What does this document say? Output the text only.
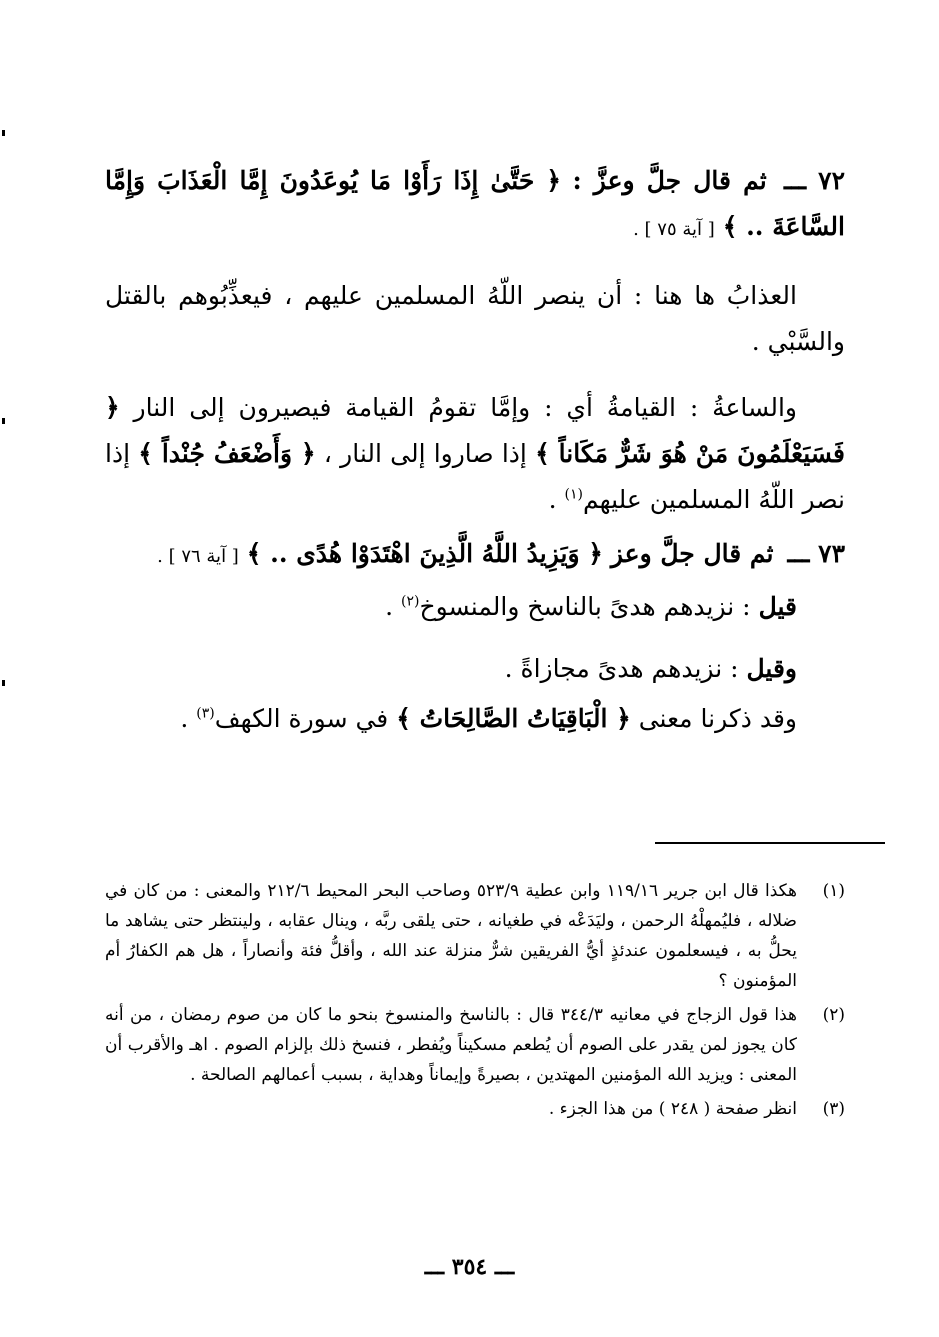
٧٢ ـــ ثم قال جلَّ وعزَّ : ﴿ حَتَّىٰ إِذَا رَأَوْا مَا يُوعَدُونَ إِمَّا الْعَذَابَ وَإِمَّا السَّاعَةَ .. ﴾ [ آية ٧٥ ] .

العذابُ ها هنا : أن ينصر اللّهُ المسلمين عليهم ، فيعذِّبُوهم بالقتل والسَّبْي .

والساعةُ : القيامةُ أي : وإمَّا تقومُ القيامة فيصيرون إلى النار ﴿ فَسَيَعْلَمُونَ مَنْ هُوَ شَرٌّ مَكَاناً ﴾ إذا صاروا إلى النار ، ﴿ وَأَضْعَفُ جُنْداً ﴾ إذا نصر اللّهُ المسلمين عليهم$^{(١)}$ .

٧٣ ـــ ثم قال جلَّ وعز ﴿ وَيَزِيدُ اللَّهُ الَّذِينَ اهْتَدَوْا هُدًى .. ﴾ [ آية ٧٦ ] .

قيل : نزيدهم هدىً بالناسخ والمنسوخ$^{(٢)}$ .

وقيل : نزيدهم هدىً مجازاةً .

وقد ذكرنا معنى ﴿ الْبَاقِيَاتُ الصَّالِحَاتُ ﴾ في سورة الكهف$^{(٣)}$ .

(١)
هكذا قال ابن جرير ١١٩/١٦ وابن عطية ٥٢٣/٩ وصاحب البحر المحيط ٢١٢/٦ والمعنى : من كان في ضلاله ، فليُمهلْهُ الرحمن ، وليَدَعْه في طغيانه ، حتى يلقى ربَّه ، وينال عقابه ، ولينتظر حتى يشاهد ما يحلُّ به ، فيسعلمون عندئذٍ أيُّ الفريقين شرٌّ منزلة عند الله ، وأقلُّ فئة وأنصاراً ، هل هم الكفارُ أم المؤمنون ؟
(٢)
هذا قول الزجاج في معانيه ٣٤٤/٣ قال : بالناسخ والمنسوخ بنحو ما كان من صوم رمضان ، من أنه كان يجوز لمن يقدر على الصوم أن يُطعم مسكيناً ويُفطر ، فنسخ ذلك بإلزام الصوم . اهـ والأقرب أن المعنى : ويزيد الله المؤمنين المهتدين ، بصيرةً وإيماناً وهداية ، بسبب أعمالهم الصالحة .
(٣)
انظر صفحة ( ٢٤٨ ) من هذا الجزء .
ـــ ٣٥٤ ـــ
